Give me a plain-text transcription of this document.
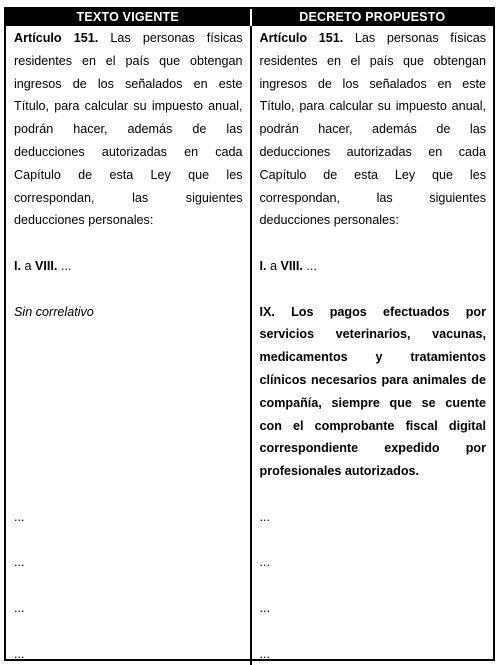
TEXTO VIGENTE	DECRETO PROPUESTO

Artículo 151. Las personas físicas residentes en el país que obtengan ingresos de los señalados en este Título, para calcular su impuesto anual, podrán hacer, además de las deducciones autorizadas en cada Capítulo de esta Ley que les correspondan, las siguientes deducciones personales:

I. a VIII. ...

Sin correlativo

...

...

...

...

Artículo 151. Las personas físicas residentes en el país que obtengan ingresos de los señalados en este Título, para calcular su impuesto anual, podrán hacer, además de las deducciones autorizadas en cada Capítulo de esta Ley que les correspondan, las siguientes deducciones personales:

I. a VIII. ...

IX. Los pagos efectuados por servicios veterinarios, vacunas, medicamentos y tratamientos clínicos necesarios para animales de compañía, siempre que se cuente con el comprobante fiscal digital correspondiente expedido por profesionales autorizados.

...

...

...

...
